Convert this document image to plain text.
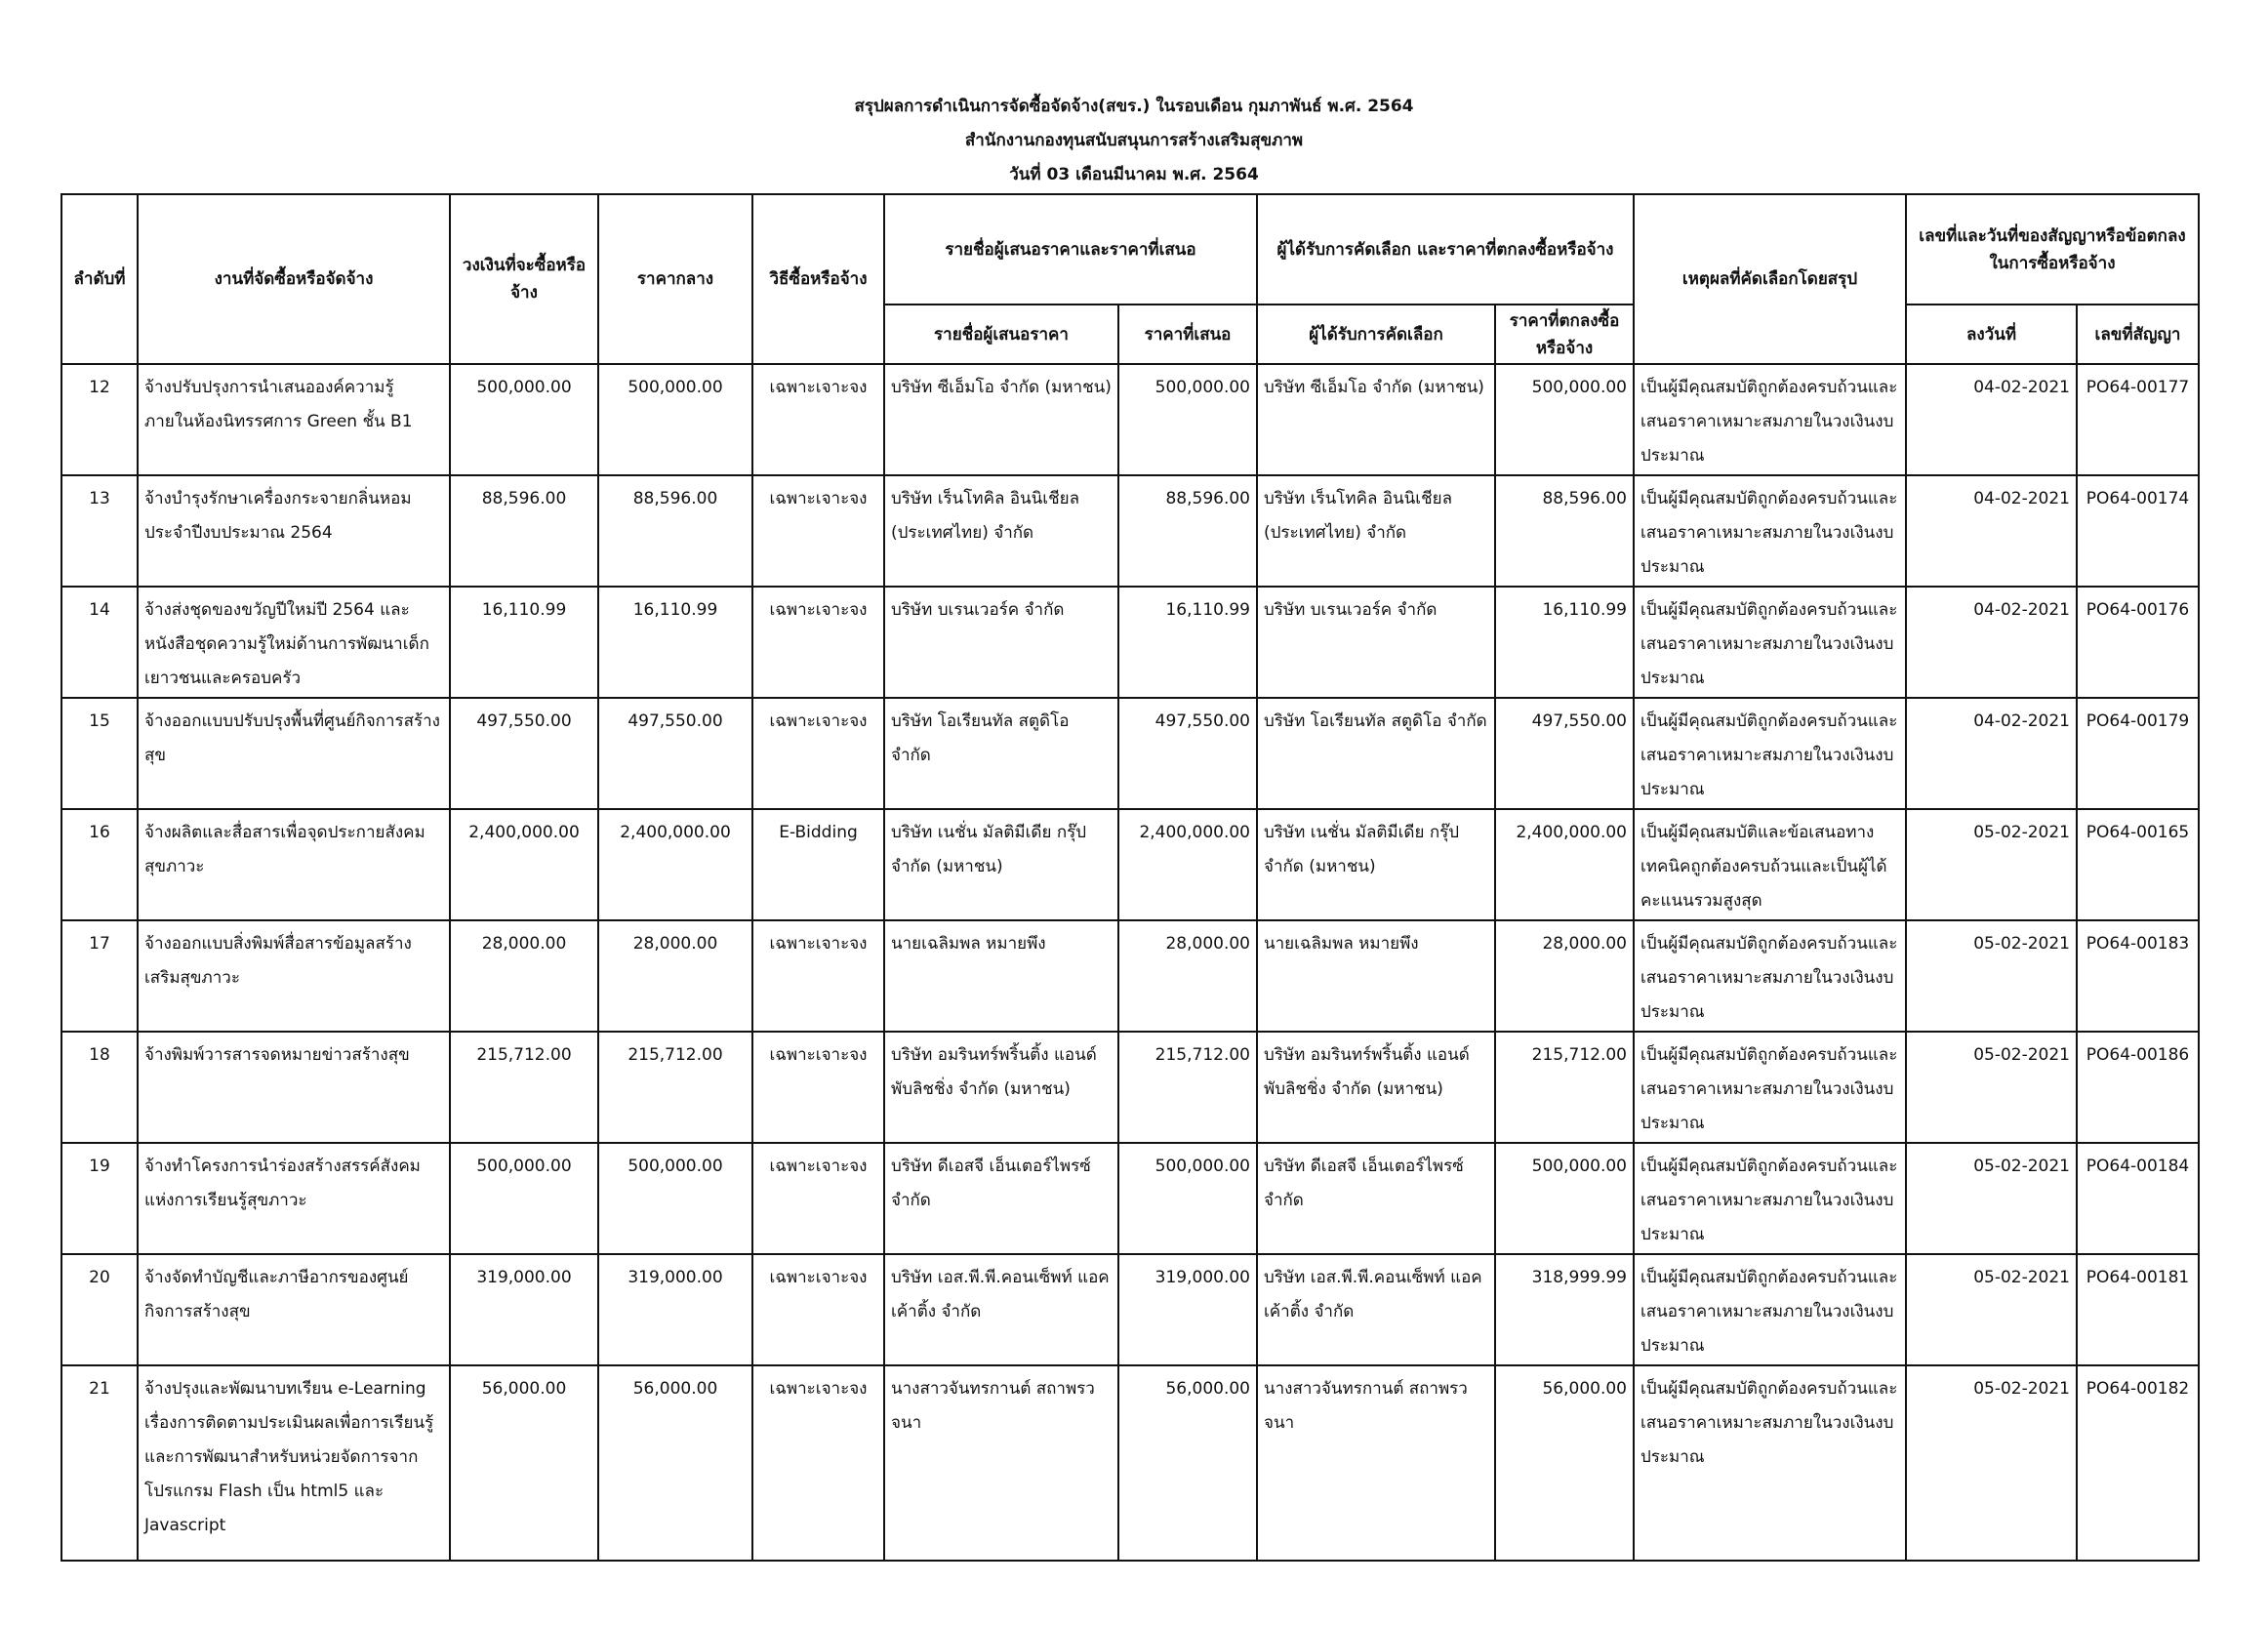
สรุปผลการดำเนินการจัดซื้อจัดจ้าง(สขร.) ในรอบเดือน กุมภาพันธ์ พ.ศ. 2564
สำนักงานกองทุนสนับสนุนการสร้างเสริมสุขภาพ
วันที่ 03 เดือนมีนาคม พ.ศ. 2564
ลำดับที่	งานที่จัดซื้อหรือจัดจ้าง	วงเงินที่จะซื้อหรือจ้าง	ราคากลาง	วิธีซื้อหรือจ้าง	รายชื่อผู้เสนอราคาและราคาที่เสนอ		ผู้ได้รับการคัดเลือก และราคาที่ตกลงซื้อหรือจ้าง		เหตุผลที่คัดเลือกโดยสรุป	เลขที่และวันที่ของสัญญาหรือข้อตกลงในการซื้อหรือจ้าง	
					รายชื่อผู้เสนอราคา	ราคาที่เสนอ	ผู้ได้รับการคัดเลือก	ราคาที่ตกลงซื้อหรือจ้าง		ลงวันที่	เลขที่สัญญา
12	จ้างปรับปรุงการนำเสนอองค์ความรู้ภายในห้องนิทรรศการ Green ชั้น B1	500,000.00	500,000.00	เฉพาะเจาะจง	บริษัท ซีเอ็มโอ จำกัด (มหาชน)	500,000.00	บริษัท ซีเอ็มโอ จำกัด (มหาชน)	500,000.00	เป็นผู้มีคุณสมบัติถูกต้องครบถ้วนและเสนอราคาเหมาะสมภายในวงเงินงบประมาณ	04-02-2021	PO64-00177
13	จ้างบำรุงรักษาเครื่องกระจายกลิ่นหอมประจำปีงบประมาณ 2564	88,596.00	88,596.00	เฉพาะเจาะจง	บริษัท เร็นโทคิล อินนิเชียล (ประเทศไทย) จำกัด	88,596.00	บริษัท เร็นโทคิล อินนิเชียล (ประเทศไทย) จำกัด	88,596.00	เป็นผู้มีคุณสมบัติถูกต้องครบถ้วนและเสนอราคาเหมาะสมภายในวงเงินงบประมาณ	04-02-2021	PO64-00174
14	จ้างส่งชุดของขวัญปีใหม่ปี 2564 และหนังสือชุดความรู้ใหม่ด้านการพัฒนาเด็กเยาวชนและครอบครัว	16,110.99	16,110.99	เฉพาะเจาะจง	บริษัท บเรนเวอร์ค จำกัด	16,110.99	บริษัท บเรนเวอร์ค จำกัด	16,110.99	เป็นผู้มีคุณสมบัติถูกต้องครบถ้วนและเสนอราคาเหมาะสมภายในวงเงินงบประมาณ	04-02-2021	PO64-00176
15	จ้างออกแบบปรับปรุงพื้นที่ศูนย์กิจการสร้างสุข	497,550.00	497,550.00	เฉพาะเจาะจง	บริษัท โอเรียนทัล สตูดิโอ จำกัด	497,550.00	บริษัท โอเรียนทัล สตูดิโอ จำกัด	497,550.00	เป็นผู้มีคุณสมบัติถูกต้องครบถ้วนและเสนอราคาเหมาะสมภายในวงเงินงบประมาณ	04-02-2021	PO64-00179
16	จ้างผลิตและสื่อสารเพื่อจุดประกายสังคมสุขภาวะ	2,400,000.00	2,400,000.00	E-Bidding	บริษัท เนชั่น มัลติมีเดีย กรุ๊ป จำกัด (มหาชน)	2,400,000.00	บริษัท เนชั่น มัลติมีเดีย กรุ๊ป จำกัด (มหาชน)	2,400,000.00	เป็นผู้มีคุณสมบัติและข้อเสนอทางเทคนิคถูกต้องครบถ้วนและเป็นผู้ได้คะแนนรวมสูงสุด	05-02-2021	PO64-00165
17	จ้างออกแบบสิ่งพิมพ์สื่อสารข้อมูลสร้างเสริมสุขภาวะ	28,000.00	28,000.00	เฉพาะเจาะจง	นายเฉลิมพล หมายพึง	28,000.00	นายเฉลิมพล หมายพึง	28,000.00	เป็นผู้มีคุณสมบัติถูกต้องครบถ้วนและเสนอราคาเหมาะสมภายในวงเงินงบประมาณ	05-02-2021	PO64-00183
18	จ้างพิมพ์วารสารจดหมายข่าวสร้างสุข	215,712.00	215,712.00	เฉพาะเจาะจง	บริษัท อมรินทร์พริ้นติ้ง แอนด์ พับลิชชิ่ง จำกัด (มหาชน)	215,712.00	บริษัท อมรินทร์พริ้นติ้ง แอนด์ พับลิชชิ่ง จำกัด (มหาชน)	215,712.00	เป็นผู้มีคุณสมบัติถูกต้องครบถ้วนและเสนอราคาเหมาะสมภายในวงเงินงบประมาณ	05-02-2021	PO64-00186
19	จ้างทำโครงการนำร่องสร้างสรรค์สังคมแห่งการเรียนรู้สุขภาวะ	500,000.00	500,000.00	เฉพาะเจาะจง	บริษัท ดีเอสจี เอ็นเตอร์ไพรซ์ จำกัด	500,000.00	บริษัท ดีเอสจี เอ็นเตอร์ไพรซ์ จำกัด	500,000.00	เป็นผู้มีคุณสมบัติถูกต้องครบถ้วนและเสนอราคาเหมาะสมภายในวงเงินงบประมาณ	05-02-2021	PO64-00184
20	จ้างจัดทำบัญชีและภาษีอากรของศูนย์กิจการสร้างสุข	319,000.00	319,000.00	เฉพาะเจาะจง	บริษัท เอส.พี.พี.คอนเซ็พท์ แอค เค้าติ้ง จำกัด	319,000.00	บริษัท เอส.พี.พี.คอนเซ็พท์ แอค เค้าติ้ง จำกัด	318,999.99	เป็นผู้มีคุณสมบัติถูกต้องครบถ้วนและเสนอราคาเหมาะสมภายในวงเงินงบประมาณ	05-02-2021	PO64-00181
21	จ้างปรุงและพัฒนาบทเรียน e-Learning เรื่องการติดตามประเมินผลเพื่อการเรียนรู้และการพัฒนาสำหรับหน่วยจัดการจากโปรแกรม Flash เป็น html5 และ Javascript	56,000.00	56,000.00	เฉพาะเจาะจง	นางสาวจันทรกานต์ สถาพรวจนา	56,000.00	นางสาวจันทรกานต์ สถาพรวจนา	56,000.00	เป็นผู้มีคุณสมบัติถูกต้องครบถ้วนและเสนอราคาเหมาะสมภายในวงเงินงบประมาณ	05-02-2021	PO64-00182
